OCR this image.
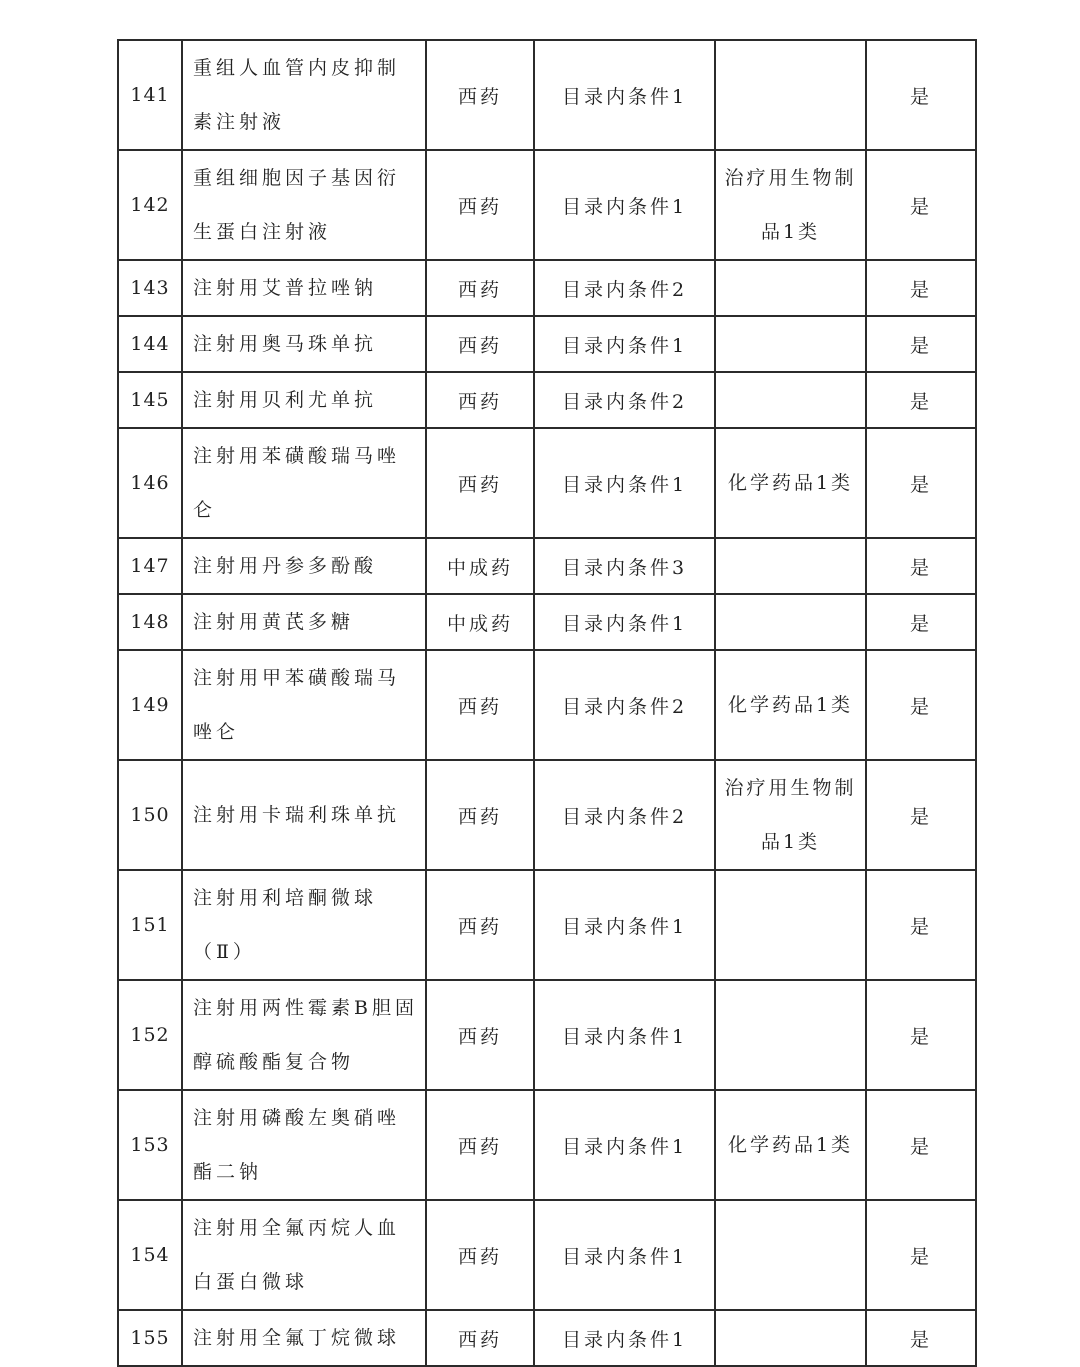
141	重组人血管内皮抑制素注射液	西药	目录内条件1		是
142	重组细胞因子基因衍生蛋白注射液	西药	目录内条件1	治疗用生物制品1类	是
143	注射用艾普拉唑钠	西药	目录内条件2		是
144	注射用奥马珠单抗	西药	目录内条件1		是
145	注射用贝利尤单抗	西药	目录内条件2		是
146	注射用苯磺酸瑞马唑仑	西药	目录内条件1	化学药品1类	是
147	注射用丹参多酚酸	中成药	目录内条件3		是
148	注射用黄芪多糖	中成药	目录内条件1		是
149	注射用甲苯磺酸瑞马唑仑	西药	目录内条件2	化学药品1类	是
150	注射用卡瑞利珠单抗	西药	目录内条件2	治疗用生物制品1类	是
151	注射用利培酮微球（Ⅱ）	西药	目录内条件1		是
152	注射用两性霉素B胆固醇硫酸酯复合物	西药	目录内条件1		是
153	注射用磷酸左奥硝唑酯二钠	西药	目录内条件1	化学药品1类	是
154	注射用全氟丙烷人血白蛋白微球	西药	目录内条件1		是
155	注射用全氟丁烷微球	西药	目录内条件1		是
